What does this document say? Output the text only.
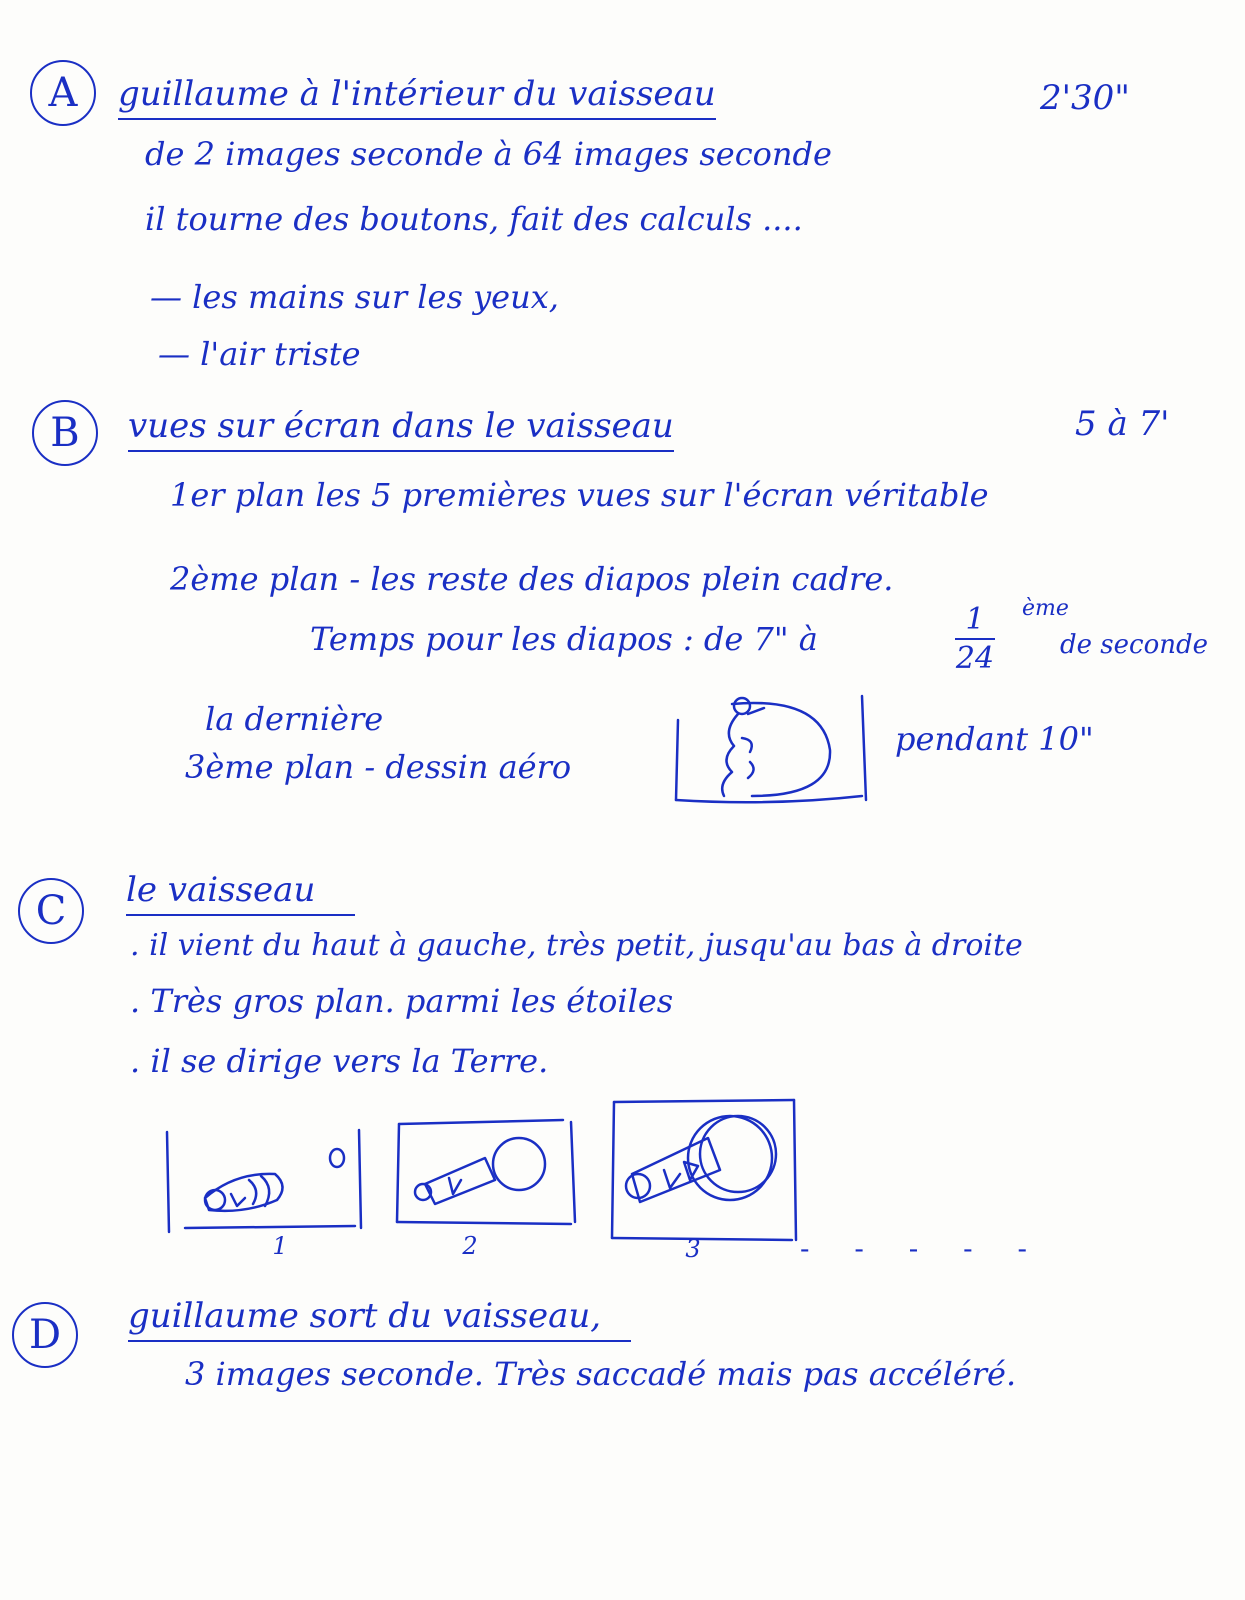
A	guillaume à l'intérieur du vaisseau	2'30"
de 2 images seconde à 64 images seconde
il tourne des boutons, fait des calculs ....
— les mains sur les yeux,
— l'air triste
B	vues sur écran dans le vaisseau	5 à 7'
1er plan les 5 premières vues sur l'écran véritable
2ème plan - les reste des diapos plein cadre.
Temps pour les diapos : de 7" à
1
24
ème
de seconde
la dernière
3ème plan - dessin aéro
pendant 10"
C	le vaisseau
. il vient du haut à gauche, très petit, jusqu'au bas à droite
. Très gros plan. parmi les étoiles
. il se dirige vers la Terre.
1	2	3	- - - - -
D	guillaume sort du vaisseau,
3 images seconde. Très saccadé mais pas accéléré.
